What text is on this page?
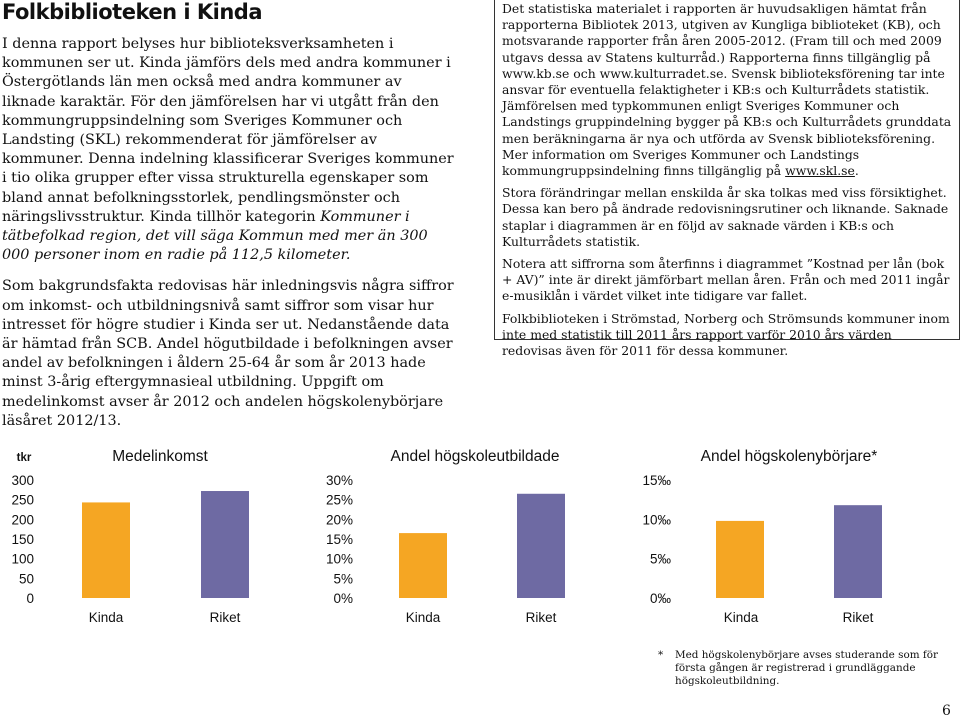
Folkbiblioteken i Kinda

I denna rapport belyses hur biblioteksverksamheten i kommunen ser ut. Kinda jämförs dels med andra kommuner i Östergötlands län men också med andra kommuner av liknade karaktär. För den jämförelsen har vi utgått från den kommungruppsindelning som Sveriges Kommuner och Landsting (SKL) rekommenderat för jämförelser av kommuner. Denna indelning klassificerar Sveriges kommuner i tio olika grupper efter vissa strukturella egenskaper som bland annat befolkningsstorlek, pendlingsmönster och näringslivsstruktur. Kinda tillhör kategorin Kommuner i tätbefolkad region, det vill säga Kommun med mer än 300 000 personer inom en radie på 112,5 kilometer.

Som bakgrundsfakta redovisas här inledningsvis några siffror om inkomst- och utbildningsnivå samt siffror som visar hur intresset för högre studier i Kinda ser ut. Nedanstående data är hämtad från SCB. Andel högutbildade i befolkningen avser andel av befolkningen i åldern 25-64 år som år 2013 hade minst 3-årig eftergymnasieal utbildning. Uppgift om medelinkomst avser år 2012 och andelen högskolenybörjare läsåret 2012/13.

Det statistiska materialet i rapporten är huvudsakligen hämtat från rapporterna Bibliotek 2013, utgiven av Kungliga biblioteket (KB), och motsvarande rapporter från åren 2005-2012. (Fram till och med 2009 utgavs dessa av Statens kulturråd.) Rapporterna finns tillgänglig på www.kb.se och www.kulturradet.se. Svensk biblioteksförening tar inte ansvar för eventuella felaktigheter i KB:s och Kulturrådets statistik. Jämförelsen med typkommunen enligt Sveriges Kommuner och Landstings gruppindelning bygger på KB:s och Kulturrådets grunddata men beräkningarna är nya och utförda av Svensk biblioteksförening. Mer information om Sveriges Kommuner och Landstings kommungruppsindelning finns tillgänglig på www.skl.se.

Stora förändringar mellan enskilda år ska tolkas med viss försiktighet. Dessa kan bero på ändrade redovisningsrutiner och liknande. Saknade staplar i diagrammen är en följd av saknade värden i KB:s och Kulturrådets statistik.

Notera att siffrorna som återfinns i diagrammet ”Kostnad per lån (bok + AV)” inte är direkt jämförbart mellan åren. Från och med 2011 ingår e-musiklån i värdet vilket inte tidigare var fallet.

Folkbiblioteken i Strömstad, Norberg och Strömsunds kommuner inom inte med statistik till 2011 års rapport varför 2010 års värden redovisas även för 2011 för dessa kommuner.

Medelinkomst
tkr
300
250
200
150
100
50
0
Kinda	Riket
Andel högskoleutbildade
30%
25%
20%
15%
10%
5%
0%
Kinda	Riket
Andel högskolenybörjare*
15‰
10‰
5‰
0‰
Kinda	Riket
*	Med högskolenybörjare avses studerande som för första gången är registrerad i grundläggande högskoleutbildning.
6
